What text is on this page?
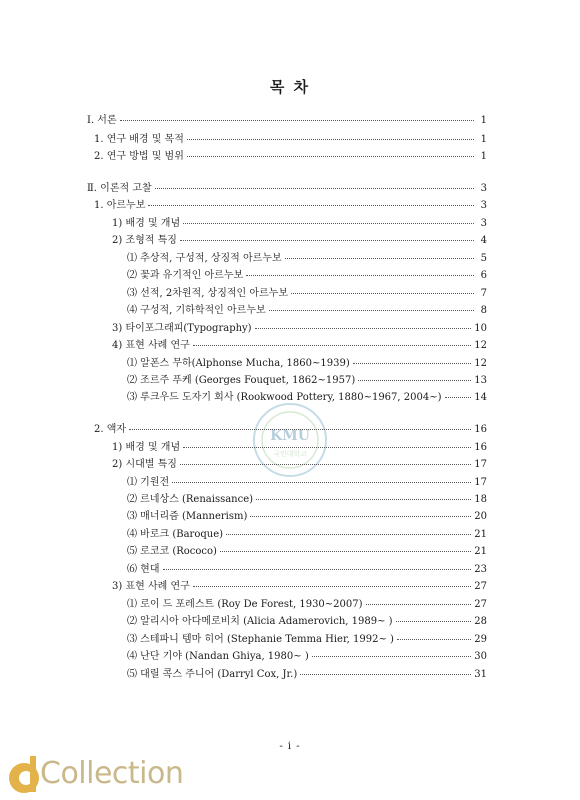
목 차
KMU
국민대학교
Ⅰ. 서론	1
1. 연구 배경 및 목적	1
2. 연구 방법 및 범위	1
Ⅱ. 이론적 고찰	3
1. 아르누보	3
1) 배경 및 개념	3
2) 조형적 특징	4
⑴ 추상적, 구성적, 상징적 아르누보	5
⑵ 꽃과 유기적인 아르누보	6
⑶ 선적, 2차원적, 상징적인 아르누보	7
⑷ 구성적, 기하학적인 아르누보	8
3) 타이포그래피(Typography)	10
4) 표현 사례 연구	12
⑴ 알폰스 무하(Alphonse Mucha, 1860~1939)	12
⑵ 조르주 푸케 (Georges Fouquet, 1862~1957)	13
⑶ 루크우드 도자기 회사 (Rookwood Pottery, 1880~1967, 2004~)	14
2. 액자	16
1) 배경 및 개념	16
2) 시대별 특징	17
⑴ 기원전	17
⑵ 르네상스 (Renaissance)	18
⑶ 매너리즘 (Mannerism)	20
⑷ 바로크 (Baroque)	21
⑸ 로코코 (Rococo)	21
⑹ 현대	23
3) 표현 사례 연구	27
⑴ 로이 드 포레스트 (Roy De Forest, 1930~2007)	27
⑵ 알리시아 아다메로비치 (Alicia Adamerovich, 1989~ )	28
⑶ 스테파니 템마 히어 (Stephanie Temma Hier, 1992~ )	29
⑷ 난단 기야 (Nandan Ghiya, 1980~ )	30
⑸ 대릴 콕스 주니어 (Darryl Cox, Jr.)	31
- i -
Collection
